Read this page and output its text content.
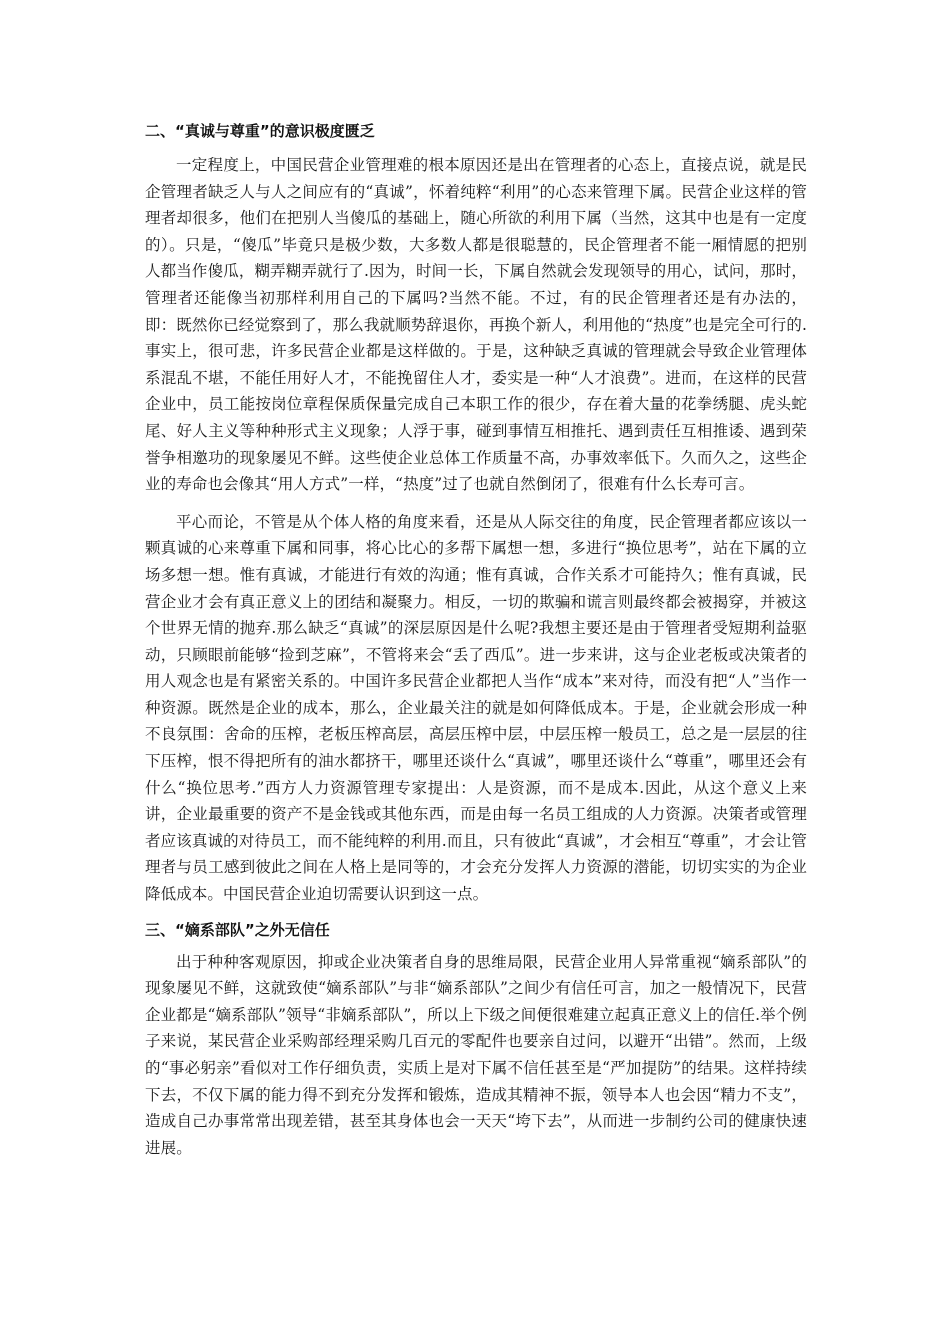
二、“真诚与尊重”的意识极度匮乏

一定程度上，中国民营企业管理难的根本原因还是出在管理者的心态上，直接点说，就是民企管理者缺乏人与人之间应有的“真诚”，怀着纯粹“利用”的心态来管理下属。民营企业这样的管理者却很多，他们在把别人当傻瓜的基础上，随心所欲的利用下属（当然，这其中也是有一定度的）。只是，“傻瓜”毕竟只是极少数，大多数人都是很聪慧的，民企管理者不能一厢情愿的把别人都当作傻瓜，糊弄糊弄就行了.因为，时间一长，下属自然就会发现领导的用心，试问，那时，管理者还能像当初那样利用自己的下属吗?当然不能。不过，有的民企管理者还是有办法的，即：既然你已经觉察到了，那么我就顺势辞退你，再换个新人，利用他的“热度”也是完全可行的.事实上，很可悲，许多民营企业都是这样做的。于是，这种缺乏真诚的管理就会导致企业管理体系混乱不堪，不能任用好人才，不能挽留住人才，委实是一种“人才浪费”。进而，在这样的民营企业中，员工能按岗位章程保质保量完成自己本职工作的很少，存在着大量的花拳绣腿、虎头蛇尾、好人主义等种种形式主义现象；人浮于事，碰到事情互相推托、遇到责任互相推诿、遇到荣誉争相邀功的现象屡见不鲜。这些使企业总体工作质量不高，办事效率低下。久而久之，这些企业的寿命也会像其“用人方式”一样，“热度”过了也就自然倒闭了，很难有什么长寿可言。

平心而论，不管是从个体人格的角度来看，还是从人际交往的角度，民企管理者都应该以一颗真诚的心来尊重下属和同事，将心比心的多帮下属想一想，多进行“换位思考”，站在下属的立场多想一想。惟有真诚，才能进行有效的沟通；惟有真诚，合作关系才可能持久；惟有真诚，民营企业才会有真正意义上的团结和凝聚力。相反，一切的欺骗和谎言则最终都会被揭穿，并被这个世界无情的抛弃.那么缺乏“真诚”的深层原因是什么呢?我想主要还是由于管理者受短期利益驱动，只顾眼前能够“捡到芝麻”，不管将来会“丢了西瓜”。进一步来讲，这与企业老板或决策者的用人观念也是有紧密关系的。中国许多民营企业都把人当作“成本”来对待，而没有把“人”当作一种资源。既然是企业的成本，那么，企业最关注的就是如何降低成本。于是，企业就会形成一种不良氛围：舍命的压榨，老板压榨高层，高层压榨中层，中层压榨一般员工，总之是一层层的往下压榨，恨不得把所有的油水都挤干，哪里还谈什么“真诚”，哪里还谈什么“尊重”，哪里还会有什么“换位思考.”西方人力资源管理专家提出：人是资源，而不是成本.因此，从这个意义上来讲，企业最重要的资产不是金钱或其他东西，而是由每一名员工组成的人力资源。决策者或管理者应该真诚的对待员工，而不能纯粹的利用.而且，只有彼此“真诚”，才会相互“尊重”，才会让管理者与员工感到彼此之间在人格上是同等的，才会充分发挥人力资源的潜能，切切实实的为企业降低成本。中国民营企业迫切需要认识到这一点。

三、“嫡系部队”之外无信任

出于种种客观原因，抑或企业决策者自身的思维局限，民营企业用人异常重视“嫡系部队”的现象屡见不鲜，这就致使“嫡系部队”与非“嫡系部队”之间少有信任可言，加之一般情况下，民营企业都是“嫡系部队”领导“非嫡系部队”，所以上下级之间便很难建立起真正意义上的信任.举个例子来说，某民营企业采购部经理采购几百元的零配件也要亲自过问，以避开“出错”。然而，上级的“事必躬亲”看似对工作仔细负责，实质上是对下属不信任甚至是“严加提防”的结果。这样持续下去，不仅下属的能力得不到充分发挥和锻炼，造成其精神不振，领导本人也会因“精力不支”，造成自己办事常常出现差错，甚至其身体也会一天天“垮下去”，从而进一步制约公司的健康快速进展。
